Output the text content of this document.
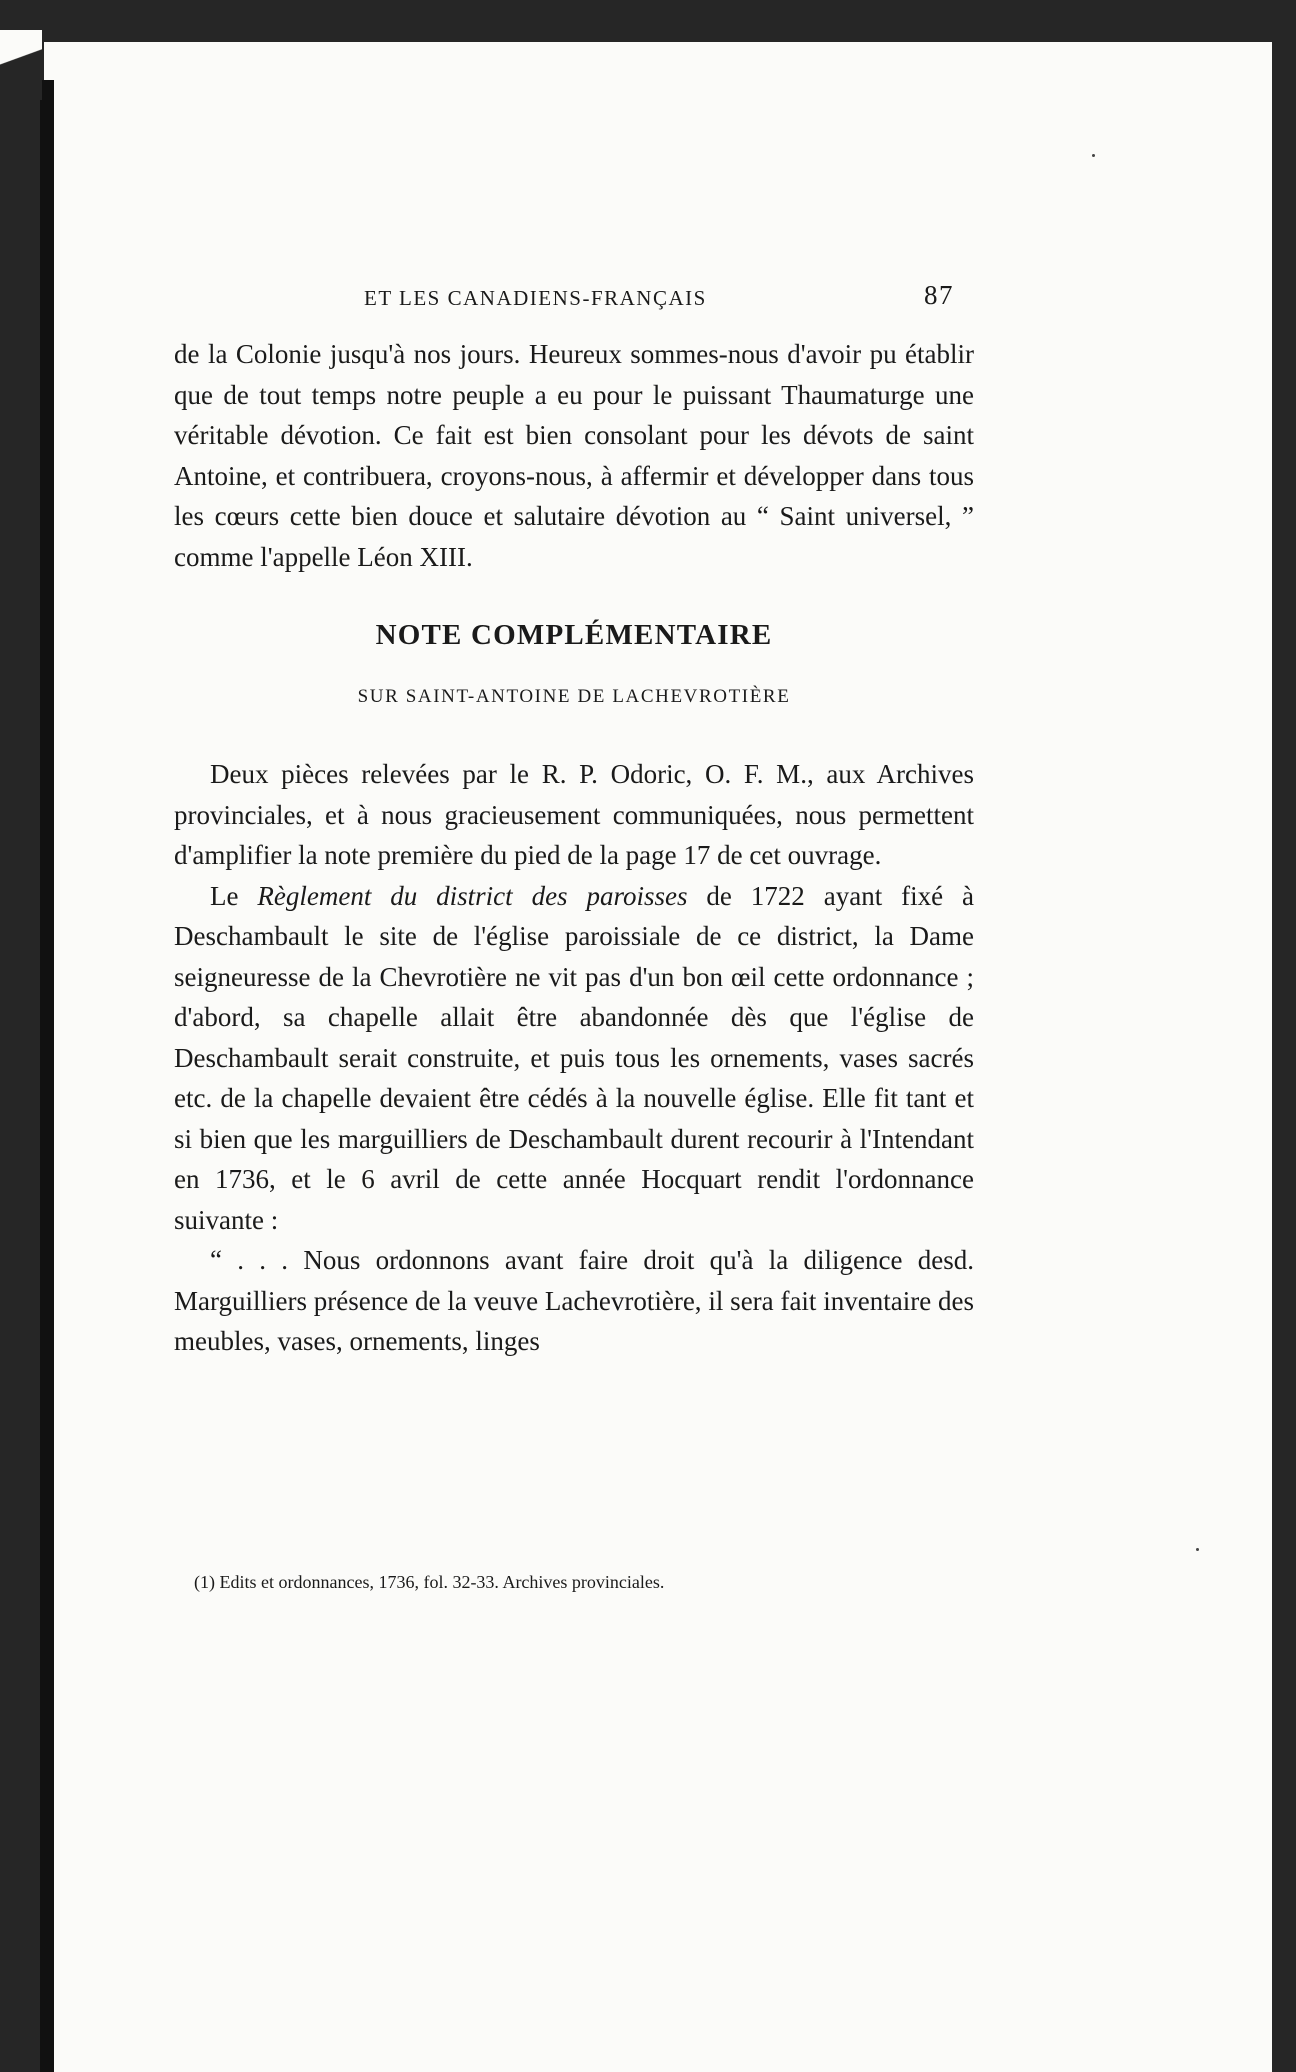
ET LES CANADIENS-FRANÇAIS	87

de la Colonie jusqu'à nos jours. Heureux sommes-nous d'avoir pu établir que de tout temps notre peuple a eu pour le puissant Thaumaturge une véritable dévotion. Ce fait est bien consolant pour les dévots de saint Antoine, et contribuera, croyons-nous, à affermir et développer dans tous les cœurs cette bien douce et salutaire dévotion au “ Saint universel, ” comme l'appelle Léon XIII.

NOTE COMPLÉMENTAIRE
SUR SAINT-ANTOINE DE LACHEVROTIÈRE

Deux pièces relevées par le R. P. Odoric, O. F. M., aux Archives provinciales, et à nous gracieusement communiquées, nous permettent d'amplifier la note première du pied de la page 17 de cet ouvrage.

Le Règlement du district des paroisses de 1722 ayant fixé à Deschambault le site de l'église paroissiale de ce district, la Dame seigneuresse de la Chevrotière ne vit pas d'un bon œil cette ordonnance ; d'abord, sa chapelle allait être abandonnée dès que l'église de Deschambault serait construite, et puis tous les ornements, vases sacrés etc. de la chapelle devaient être cédés à la nouvelle église. Elle fit tant et si bien que les marguilliers de Deschambault durent recourir à l'Intendant en 1736, et le 6 avril de cette année Hocquart rendit l'ordonnance suivante :

“ . . . Nous ordonnons avant faire droit qu'à la diligence desd. Marguilliers présence de la veuve Lachevrotière, il sera fait inventaire des meubles, vases, ornements, linges

(1) Edits et ordonnances, 1736, fol. 32-33. Archives provinciales.
